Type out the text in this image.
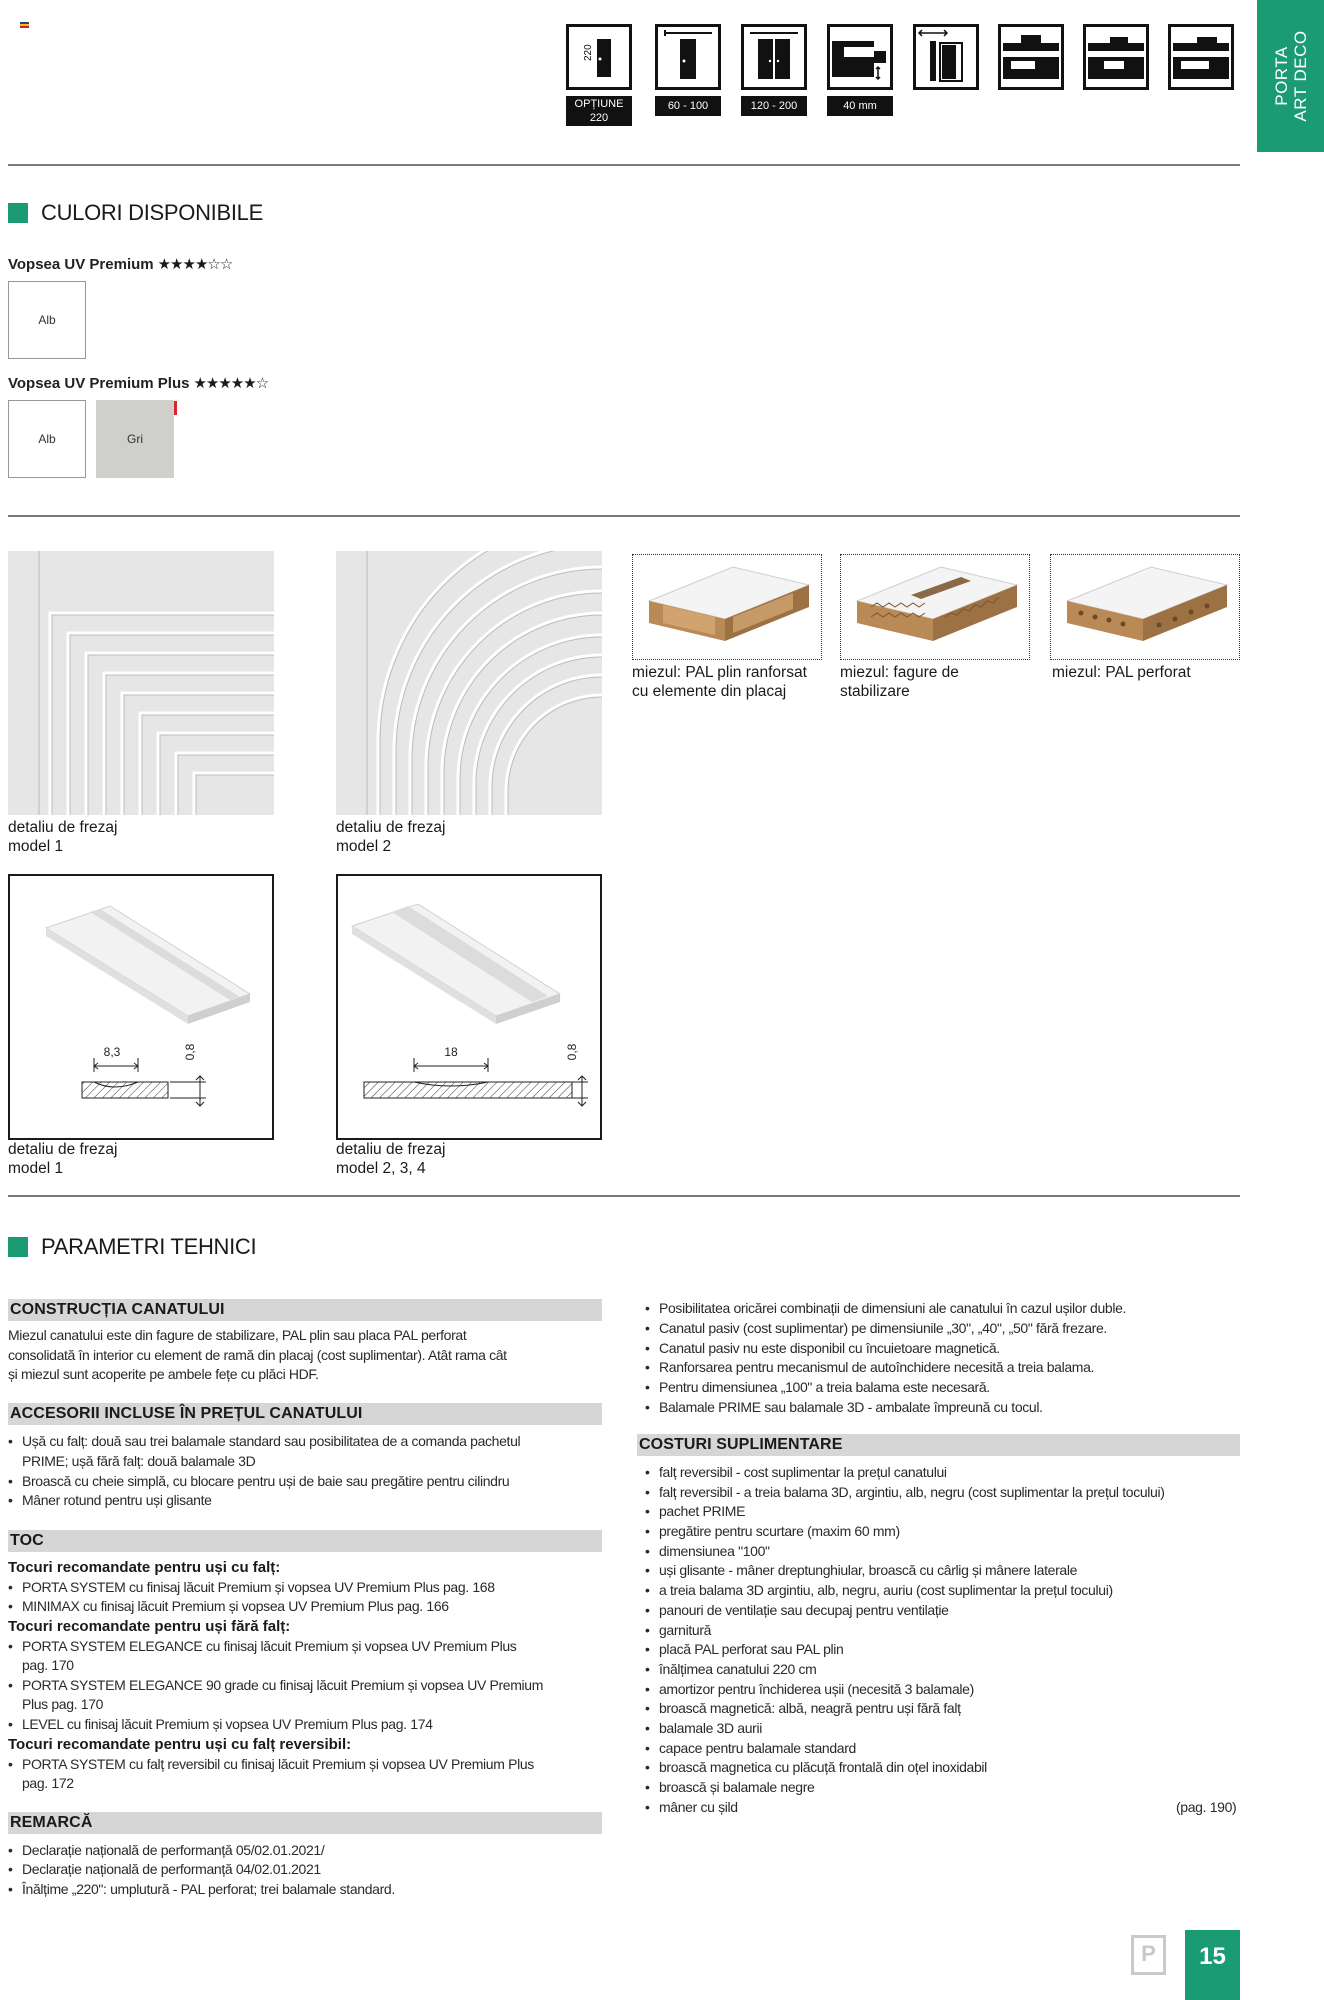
PORTA
ART DECO
220
OPȚIUNE 220
60 - 100	120 - 200	40 mm
CULORI DISPONIBILE
Vopsea UV Premium ★★★★☆☆
Alb
Vopsea UV Premium Plus ★★★★★☆
Alb	Gri
detaliu de frezaj
model 1
detaliu de frezaj
model 2
miezul: PAL plin ranforsat
cu elemente din placaj
miezul: fagure de
stabilizare
miezul: PAL perforat
8,3	0,8	18	0,8
detaliu de frezaj
model 1
detaliu de frezaj
model 2, 3, 4
PARAMETRI TEHNICI
CONSTRUCȚIA CANATULUI
Miezul canatului este din fagure de stabilizare, PAL plin sau placa PAL perforat
consolidată în interior cu element de ramă din placaj (cost suplimentar). Atât rama cât
și miezul sunt acoperite pe ambele fețe cu plăci HDF.
ACCESORII INCLUSE ÎN PREȚUL CANATULUI
• Ușă cu falț: două sau trei balamale standard sau posibilitatea de a comanda pachetul
PRIME; ușă fără falț: două balamale 3D
• Broască cu cheie simplă, cu blocare pentru uși de baie sau pregătire pentru cilindru
• Mâner rotund pentru uși glisante
TOC
Tocuri recomandate pentru uși cu falț:
• PORTA SYSTEM cu finisaj lăcuit Premium și vopsea UV Premium Plus pag. 168
• MINIMAX cu finisaj lăcuit Premium și vopsea UV Premium Plus pag. 166
Tocuri recomandate pentru uși fără falț:
• PORTA SYSTEM ELEGANCE cu finisaj lăcuit Premium și vopsea UV Premium Plus
pag. 170
• PORTA SYSTEM ELEGANCE 90 grade cu finisaj lăcuit Premium și vopsea UV Premium
Plus pag. 170
• LEVEL cu finisaj lăcuit Premium și vopsea UV Premium Plus pag. 174
Tocuri recomandate pentru uși cu falț reversibil:
• PORTA SYSTEM cu falț reversibil cu finisaj lăcuit Premium și vopsea UV Premium Plus
pag. 172
REMARCĂ
• Declarație națională de performanță 05/02.01.2021/
• Declarație națională de performanță 04/02.01.2021
• Înălțime „220": umplutură - PAL perforat; trei balamale standard.
• Posibilitatea oricărei combinații de dimensiuni ale canatului în cazul ușilor duble.
• Canatul pasiv (cost suplimentar) pe dimensiunile „30", „40", „50" fără frezare.
• Canatul pasiv nu este disponibil cu încuietoare magnetică.
• Ranforsarea pentru mecanismul de autoînchidere necesită a treia balama.
• Pentru dimensiunea „100" a treia balama este necesară.
• Balamale PRIME sau balamale 3D - ambalate împreună cu tocul.
COSTURI SUPLIMENTARE
• falț reversibil - cost suplimentar la prețul canatului
• falț reversibil - a treia balama 3D, argintiu, alb, negru (cost suplimentar la prețul tocului)
• pachet PRIME
• pregătire pentru scurtare (maxim 60 mm)
• dimensiunea "100"
• uși glisante - mâner dreptunghiular, broască cu cârlig și mânere laterale
• a treia balama 3D argintiu, alb, negru, auriu (cost suplimentar la prețul tocului)
• panouri de ventilație sau decupaj pentru ventilație
• garnitură
• placă PAL perforat sau PAL plin
• înălțimea canatului 220 cm
• amortizor pentru închiderea ușii (necesită 3 balamale)
• broască magnetică: albă, neagră pentru uși fără falț
• balamale 3D aurii
• capace pentru balamale standard
• broască magnetica cu plăcuță frontală din oțel inoxidabil
• broască și balamale negre
• mâner cu șild	(pag. 190)
P	15
